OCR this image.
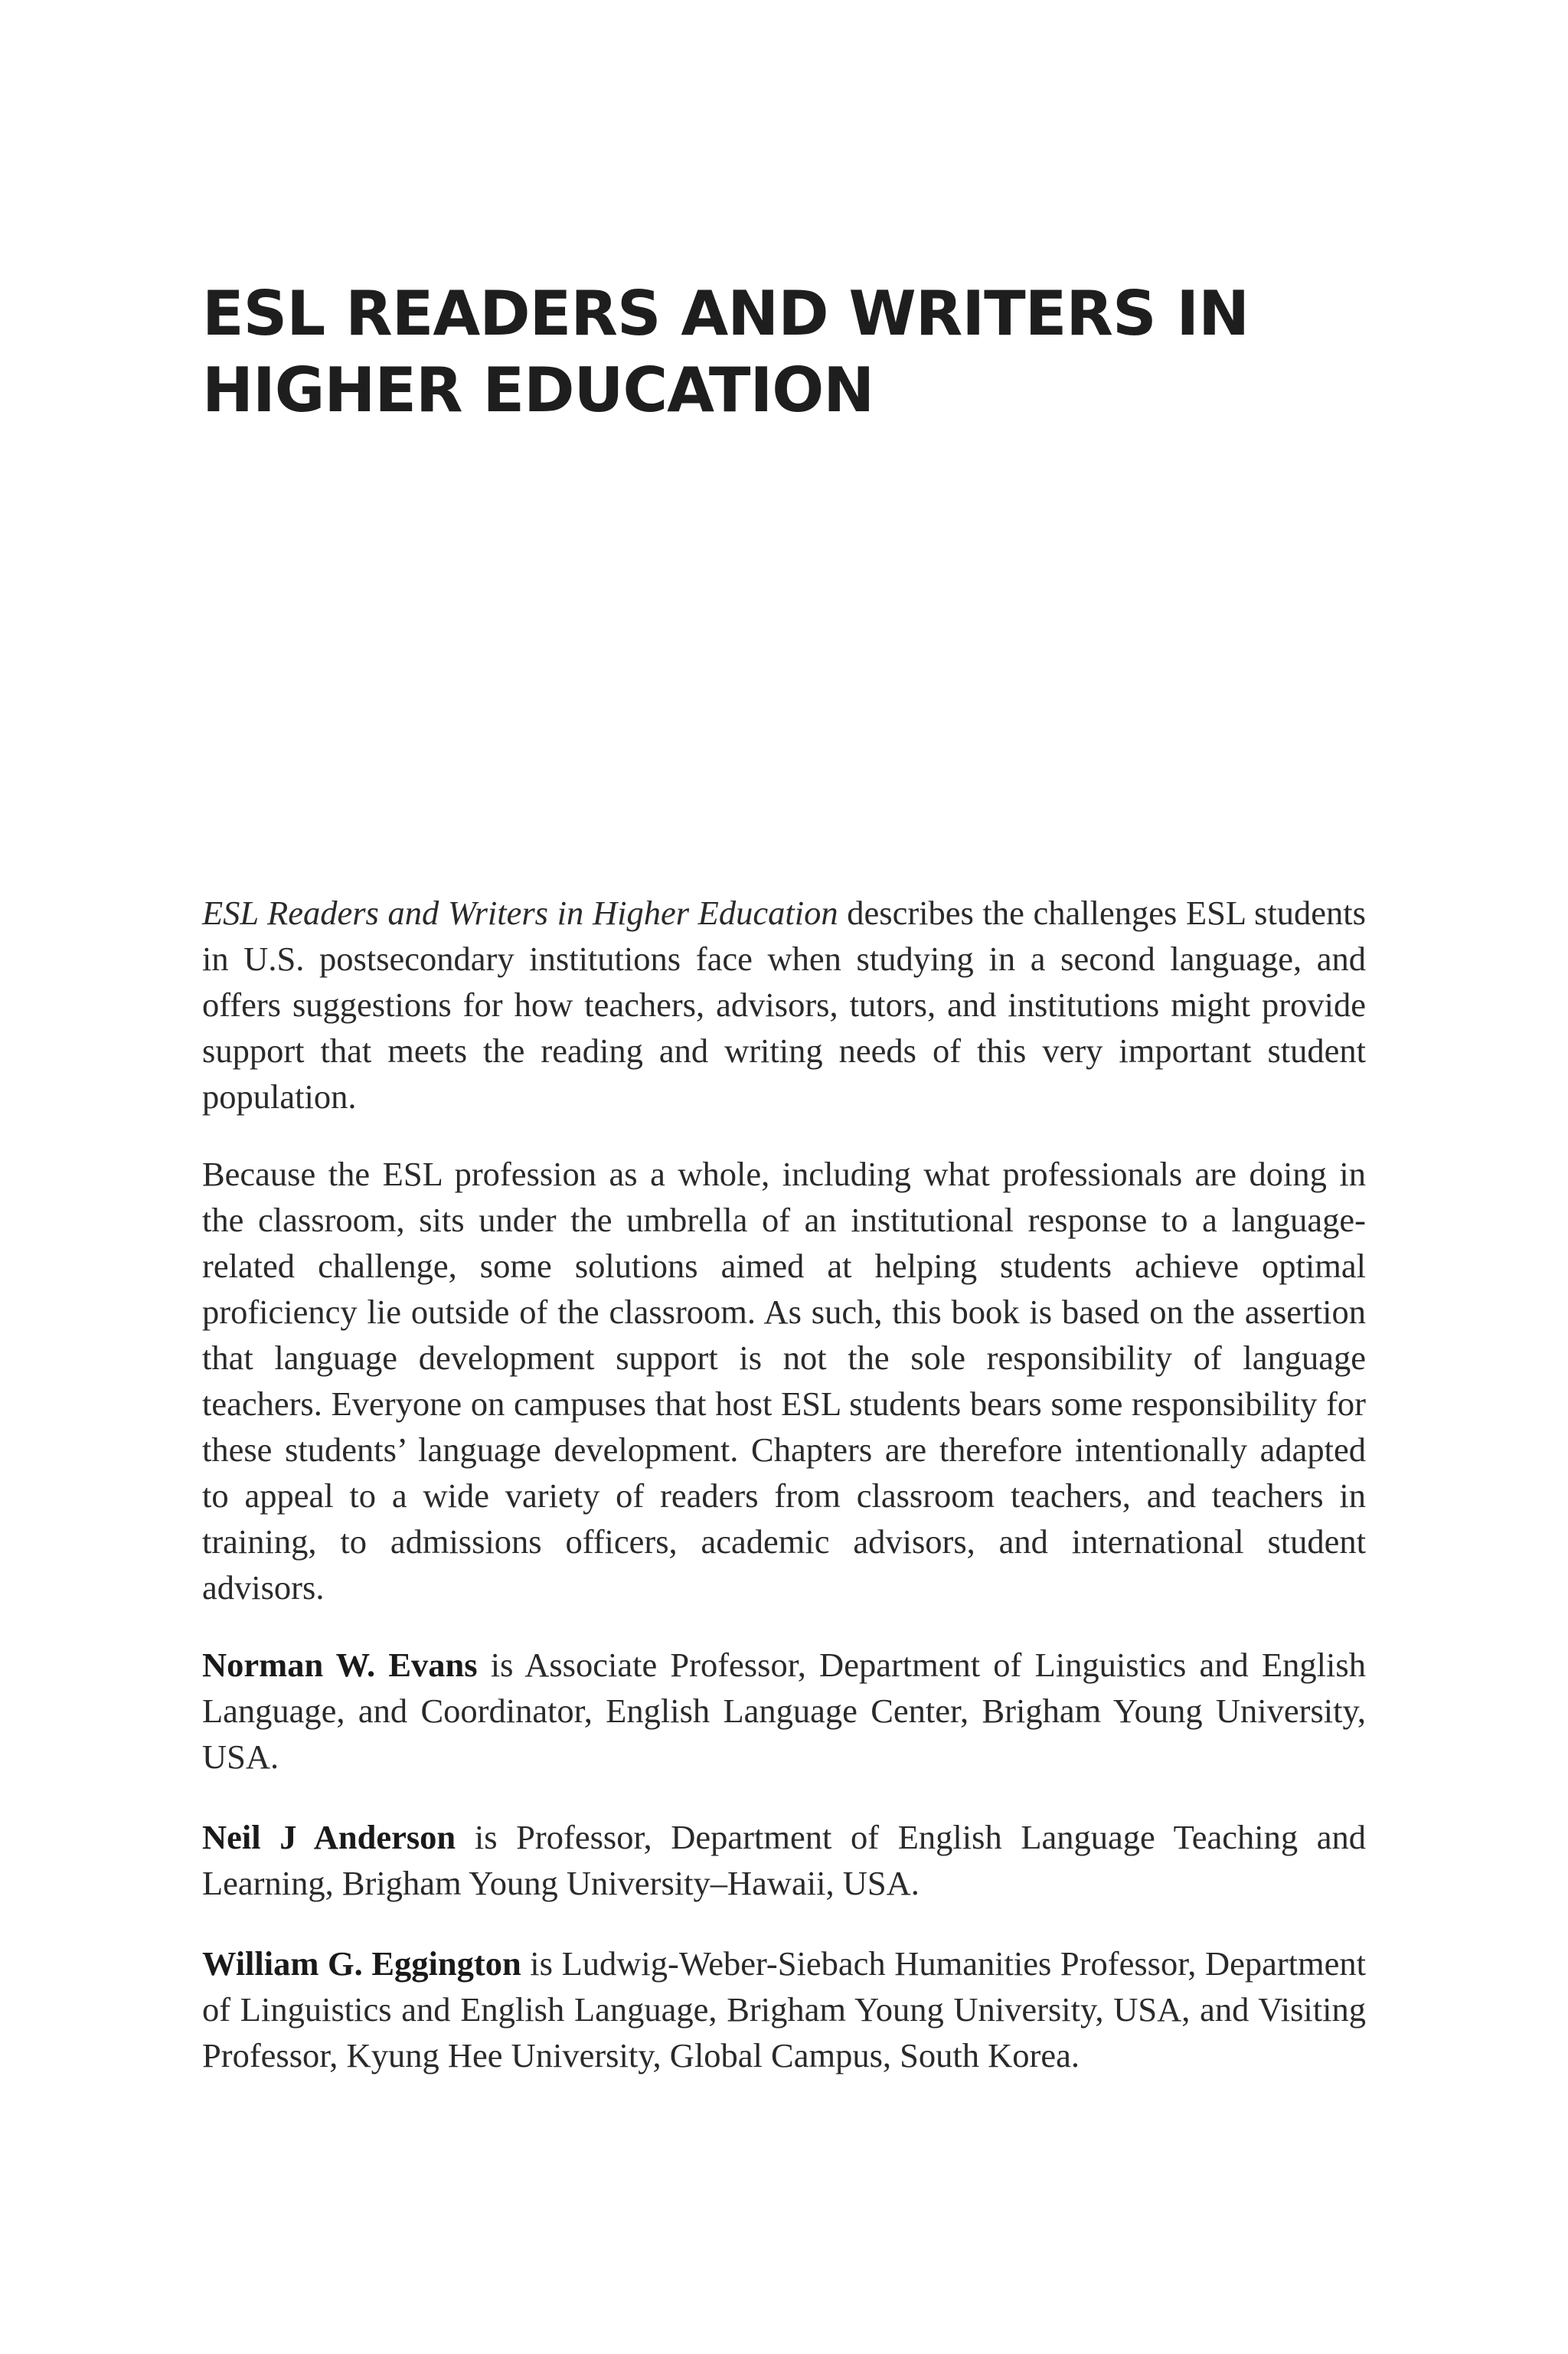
ESL READERS AND WRITERS IN
HIGHER EDUCATION

ESL Readers and Writers in Higher Education describes the challenges ESL students in U.S. postsecondary institutions face when studying in a second language, and offers suggestions for how teachers, advisors, tutors, and institutions might provide support that meets the reading and writing needs of this very important student population.

Because the ESL profession as a whole, including what professionals are doing in the classroom, sits under the umbrella of an institutional response to a language-related challenge, some solutions aimed at helping students achieve optimal proficiency lie outside of the classroom. As such, this book is based on the assertion that language development support is not the sole responsibility of language teachers. Everyone on campuses that host ESL students bears some responsibility for these students’ language development. Chapters are therefore intentionally adapted to appeal to a wide variety of readers from classroom teachers, and teachers in training, to admissions officers, academic advisors, and international student advisors.

Norman W. Evans is Associate Professor, Department of Linguistics and English Language, and Coordinator, English Language Center, Brigham Young University, USA.

Neil J Anderson is Professor, Department of English Language Teaching and Learning, Brigham Young University–Hawaii, USA.

William G. Eggington is Ludwig-Weber-Siebach Humanities Professor, Department of Linguistics and English Language, Brigham Young University, USA, and Visiting Professor, Kyung Hee University, Global Campus, South Korea.
